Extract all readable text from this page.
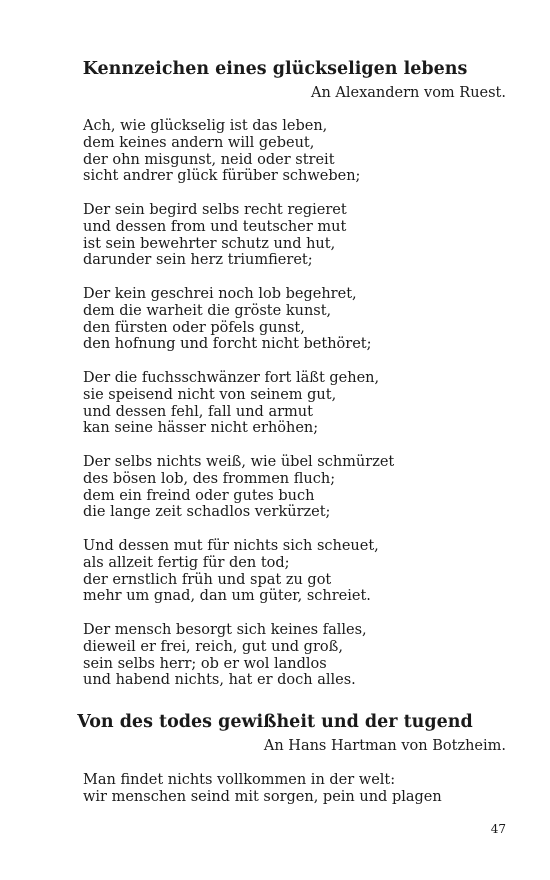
Kennzeichen eines glückseligen lebens

An Alexandern vom Ruest.

Ach, wie glückselig ist das leben,
dem keines andern will gebeut,
der ohn misgunst, neid oder streit
sicht andrer glück fürüber schweben;
Der sein begird selbs recht regieret
und dessen from und teutscher mut
ist sein bewehrter schutz und hut,
darunder sein herz triumfieret;
Der kein geschrei noch lob begehret,
dem die warheit die gröste kunst,
den fürsten oder pöfels gunst,
den hofnung und forcht nicht bethöret;
Der die fuchsschwänzer fort läßt gehen,
sie speisend nicht von seinem gut,
und dessen fehl, fall und armut
kan seine hässer nicht erhöhen;
Der selbs nichts weiß, wie übel schmürzet
des bösen lob, des frommen fluch;
dem ein freind oder gutes buch
die lange zeit schadlos verkürzet;
Und dessen mut für nichts sich scheuet,
als allzeit fertig für den tod;
der ernstlich früh und spat zu got
mehr um gnad, dan um güter, schreiet.
Der mensch besorgt sich keines falles,
dieweil er frei, reich, gut und groß,
sein selbs herr; ob er wol landlos
und habend nichts, hat er doch alles.
Von des todes gewißheit und der tugend

An Hans Hartman von Botzheim.

Man findet nichts vollkommen in der welt:
wir menschen seind mit sorgen, pein und plagen

47
